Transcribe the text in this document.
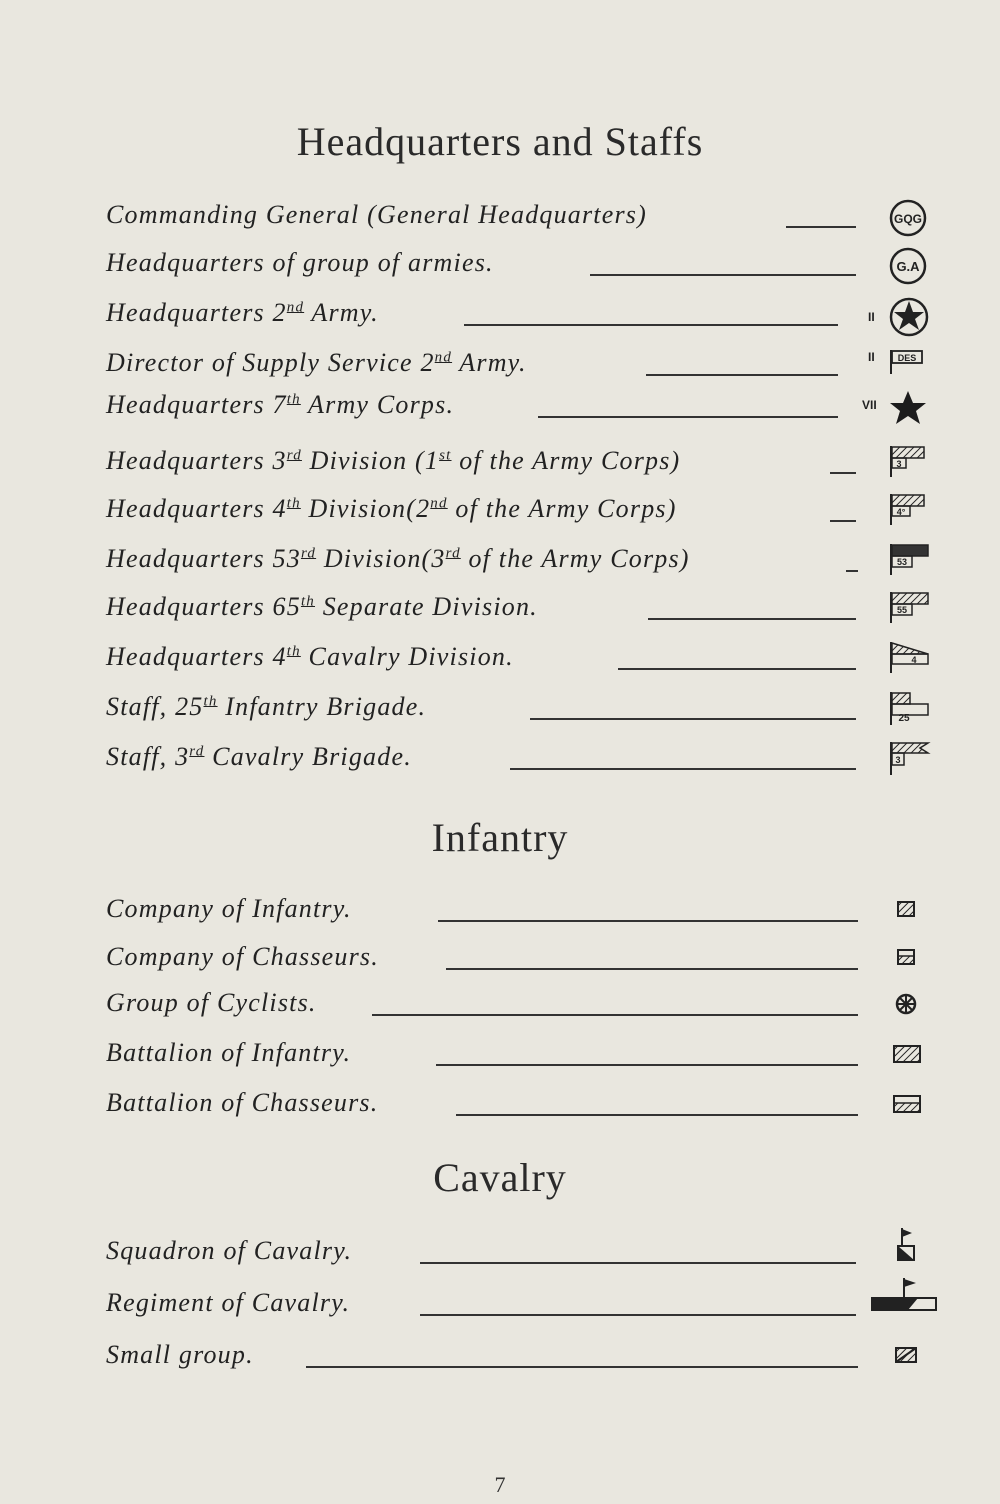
Headquarters and Staffs
Commanding General (General Headquarters)	GQG
Headquarters of group of armies.	G.A
Headquarters 2nd Army.	II
Director of Supply Service 2nd Army.	II	DES
Headquarters 7th Army Corps.	VII
Headquarters 3rd Division (1st of the Army Corps)	3
Headquarters 4th Division(2nd of the Army Corps)	4°
Headquarters 53rd Division(3rd of the Army Corps)	53
Headquarters 65th Separate Division.	55
Headquarters 4th Cavalry Division.	4
Staff, 25th Infantry Brigade.	25
Staff, 3rd Cavalry Brigade.	3
Infantry
Company of Infantry.
Company of Chasseurs.
Group of Cyclists.
Battalion of Infantry.
Battalion of Chasseurs.
Cavalry
Squadron of Cavalry.
Regiment of Cavalry.
Small group.
7
